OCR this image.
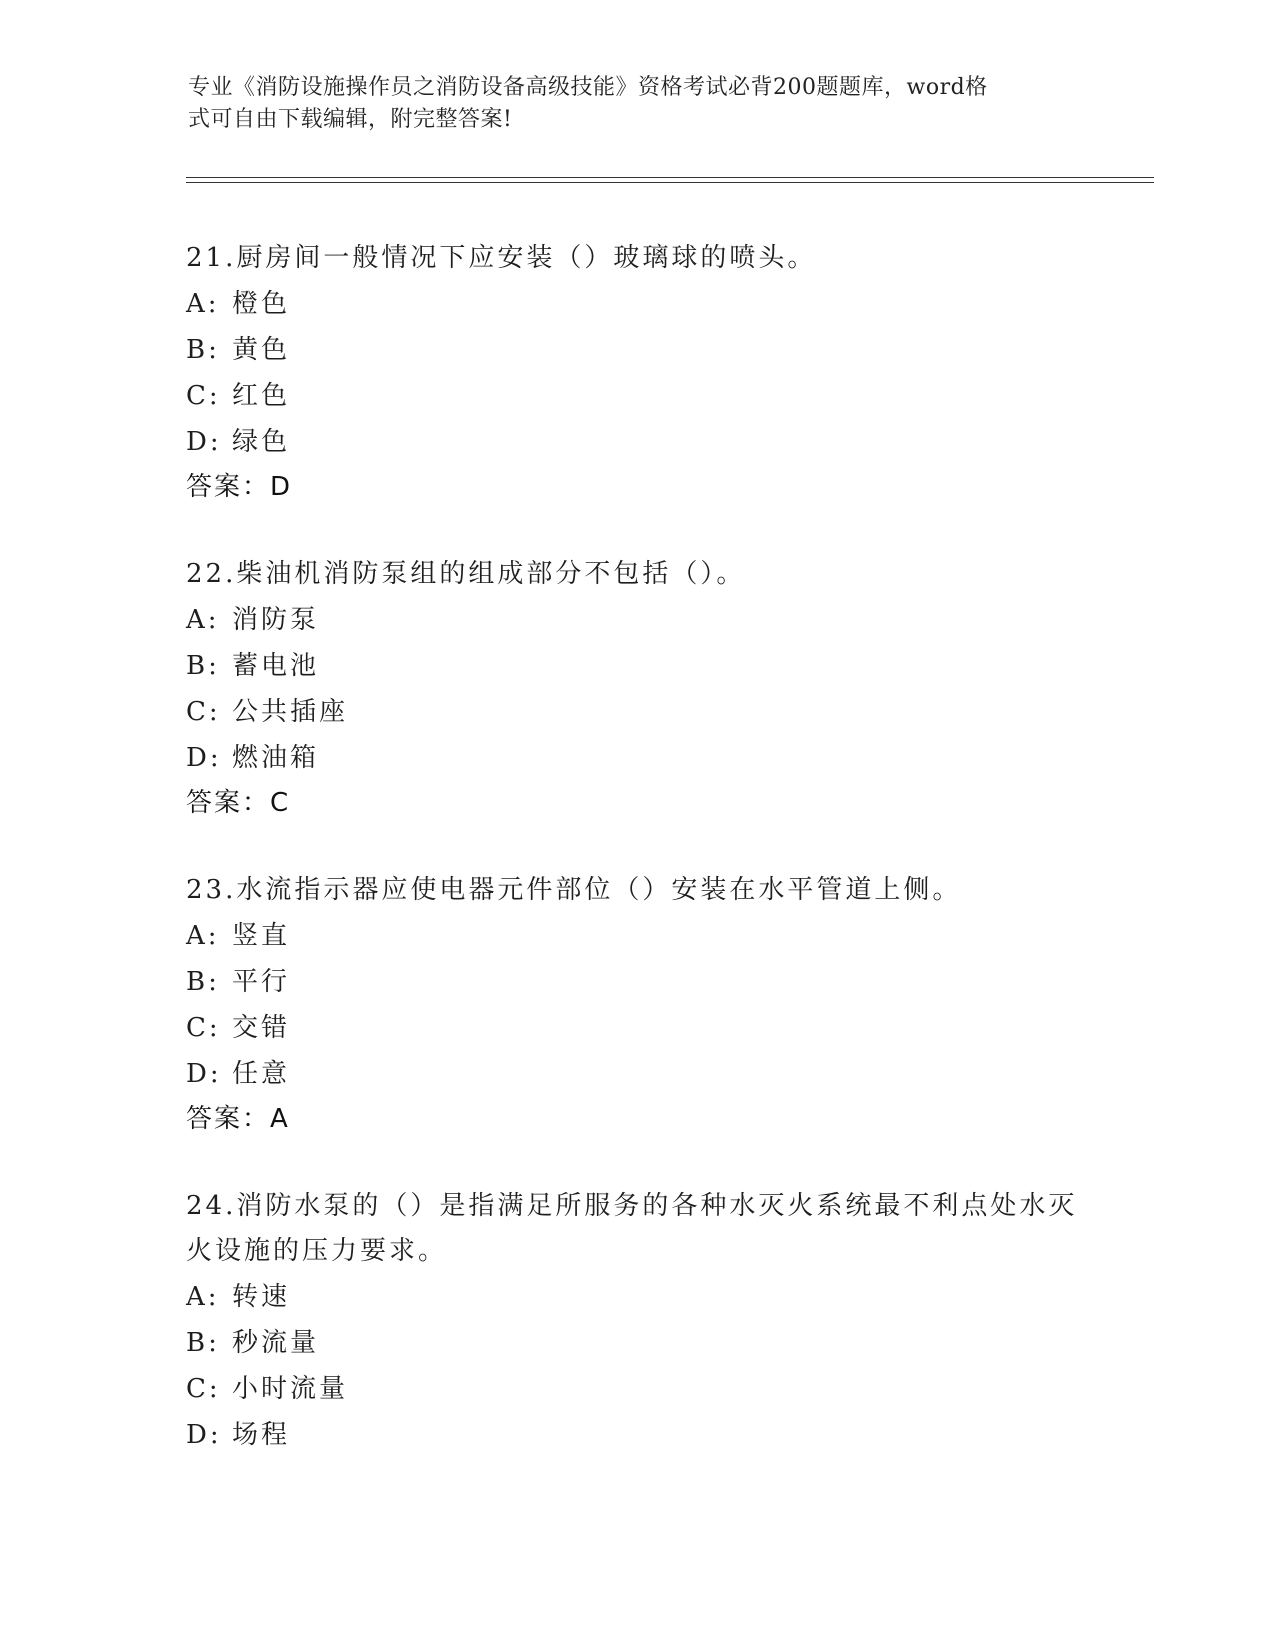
专业《消防设施操作员之消防设备高级技能》资格考试必背200题题库，word格
式可自由下载编辑，附完整答案!
21.厨房间一般情况下应安装（）玻璃球的喷头。
A: 橙色
B: 黄色
C: 红色
D: 绿色
答案：D
22.柴油机消防泵组的组成部分不包括（）。
A: 消防泵
B: 蓄电池
C: 公共插座
D: 燃油箱
答案：C
23.水流指示器应使电器元件部位（）安装在水平管道上侧。
A: 竖直
B: 平行
C: 交错
D: 任意
答案：A
24.消防水泵的（）是指满足所服务的各种水灭火系统最不利点处水灭火设施的压力要求。
A: 转速
B: 秒流量
C: 小时流量
D: 场程
